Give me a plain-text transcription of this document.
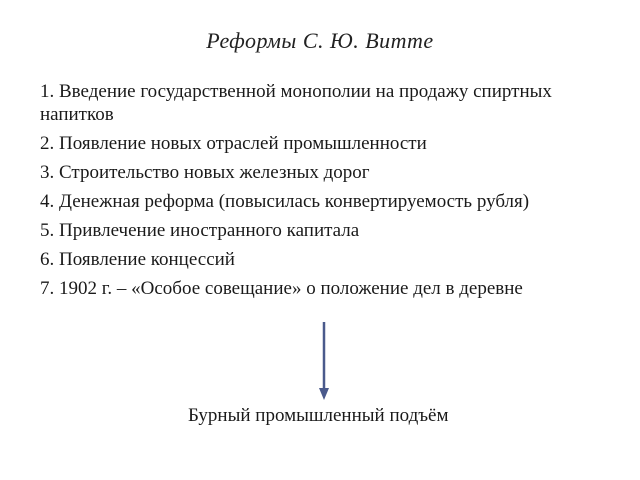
Реформы С. Ю. Витте
1. Введение государственной монополии на продажу спиртных напитков
2. Появление новых отраслей промышленности
3. Строительство новых железных дорог
4. Денежная реформа (повысилась конвертируемость рубля)
5. Привлечение иностранного капитала
6. Появление концессий
7. 1902 г. – «Особое совещание» о положение дел в деревне
Бурный промышленный подъём
